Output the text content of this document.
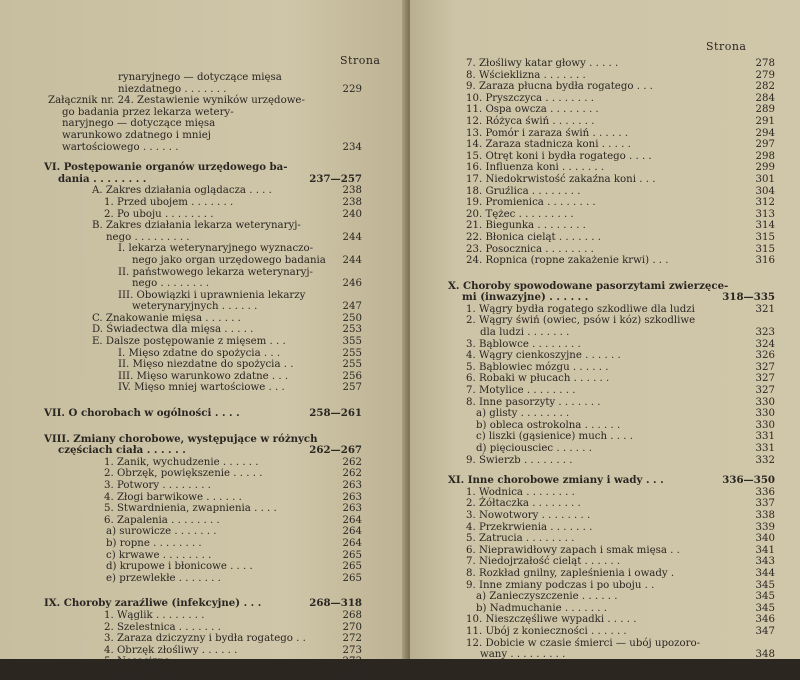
Strona
rynaryjnego — dotyczące mięsa
niezdatnego . . . . . . .	229
Załącznik nr. 24. Zestawienie wyników urzędowe-
go badania przez lekarza wetery-
naryjnego — dotyczące mięsa
warunkowo zdatnego i mniej
wartościowego . . . . . .	234
VI. Postępowanie organów urzędowego ba-
dania . . . . . . . .	237—257
A. Zakres działania oglądacza . . . .	238
1. Przed ubojem . . . . . . .	238
2. Po uboju . . . . . . . .	240
B. Zakres działania lekarza weterynaryj-
nego . . . . . . . . .	244
I. lekarza weterynaryjnego wyznaczo-
nego jako organ urzędowego badania 244
II. państwowego lekarza weterynaryj-
nego . . . . . . . .	246
III. Obowiązki i uprawnienia lekarzy
weterynaryjnych . . . . . .	247
C. Znakowanie mięsa . . . . . .	250
D. Świadectwa dla mięsa . . . . .	253
E. Dalsze postępowanie z mięsem . . .	355
I. Mięso zdatne do spożycia . . .	255
II. Mięso niezdatne do spożycia . .	255
III. Mięso warunkowo zdatne . . .	256
IV. Mięso mniej wartościowe . . .	257
VII. O chorobach w ogólności . . . .	258—261
VIII. Zmiany chorobowe, występujące w różnych
częściach ciała . . . . . .	262—267
1. Zanik, wychudzenie . . . . . .	262
2. Obrzęk, powiększenie . . . . .	262
3. Potwory . . . . . . . .	263
4. Złogi barwikowe . . . . . .	263
5. Stwardnienia, zwapnienia . . . .	263
6. Zapalenia . . . . . . . .	264
a) surowicze . . . . . . .	264
b) ropne . . . . . . . .	264
c) krwawe . . . . . . . .	265
d) krupowe i błonicowe . . . .	265
e) przewlekłe . . . . . . .	265
IX. Choroby zaraźliwe (infekcyjne) . . .	268—318
1. Wąglik . . . . . . . .	268
2. Szelestnica . . . . . . .	270
3. Zaraza dziczyzny i bydła rogatego . .	272
4. Obrzęk złośliwy . . . . . .	273
5. Nosacizna . . . . . . .	273
6. Księgosusz . . . . . . .	276
Strona
7. Złośliwy katar głowy . . . . .	278
8. Wścieklizna . . . . . . .	279
9. Zaraza płucna bydła rogatego . . .	282
10. Pryszczyca . . . . . . . .	284
11. Ospa owcza . . . . . . . .	289
12. Różyca świń . . . . . . .	291
13. Pomór i zaraza świń . . . . . .	294
14. Zaraza stadnicza koni . . . . .	297
15. Otręt koni i bydła rogatego . . . .	298
16. Influenza koni . . . . . . .	299
17. Niedokrwistość zakaźna koni . . .	301
18. Gruźlica . . . . . . . .	304
19. Promienica . . . . . . . .	312
20. Tężec . . . . . . . . .	313
21. Biegunka . . . . . . . .	314
22. Błonica cieląt . . . . . . .	315
23. Posocznica . . . . . . . .	315
24. Ropnica (ropne zakażenie krwi) . . .	316
X. Choroby spowodowane pasorzytami zwierzęce-
mi (inwazyjne) . . . . . .	318—335
1. Wągry bydła rogatego szkodliwe dla ludzi	321
2. Wągry świń (owiec, psów i kóz) szkodliwe
dla ludzi . . . . . . .	323
3. Bąblowce . . . . . . . .	324
4. Wągry cienkoszyjne . . . . . .	326
5. Bąblowiec mózgu . . . . . .	327
6. Robaki w płucach . . . . . .	327
7. Motylice . . . . . . . .	327
8. Inne pasorzyty . . . . . . .	330
a) glisty . . . . . . . .	330
b) obleca ostrokolna . . . . . .	330
c) liszki (gąsienice) much . . . .	331
d) pięciousciec . . . . . .	331
9. Świerzb . . . . . . . .	332
XI. Inne chorobowe zmiany i wady . . .	336—350
1. Wodnica . . . . . . . .	336
2. Żółtaczka . . . . . . . .	337
3. Nowotwory . . . . . . . .	338
4. Przekrwienia . . . . . . .	339
5. Zatrucia . . . . . . . .	340
6. Nieprawidłowy zapach i smak mięsa . .	341
7. Niedojrzałość cieląt . . . . . .	343
8. Rozkład gnilny, zapleśnienia i owady .	344
9. Inne zmiany podczas i po uboju . .	345
a) Zanieczyszczenie . . . . . .	345
b) Nadmuchanie . . . . . . .	345
10. Nieszczęśliwe wypadki . . . . .	346
11. Ubój z konieczności . . . . . .	347
12. Dobicie w czasie śmierci — ubój upozoro-
wany . . . . . . . . .	348
